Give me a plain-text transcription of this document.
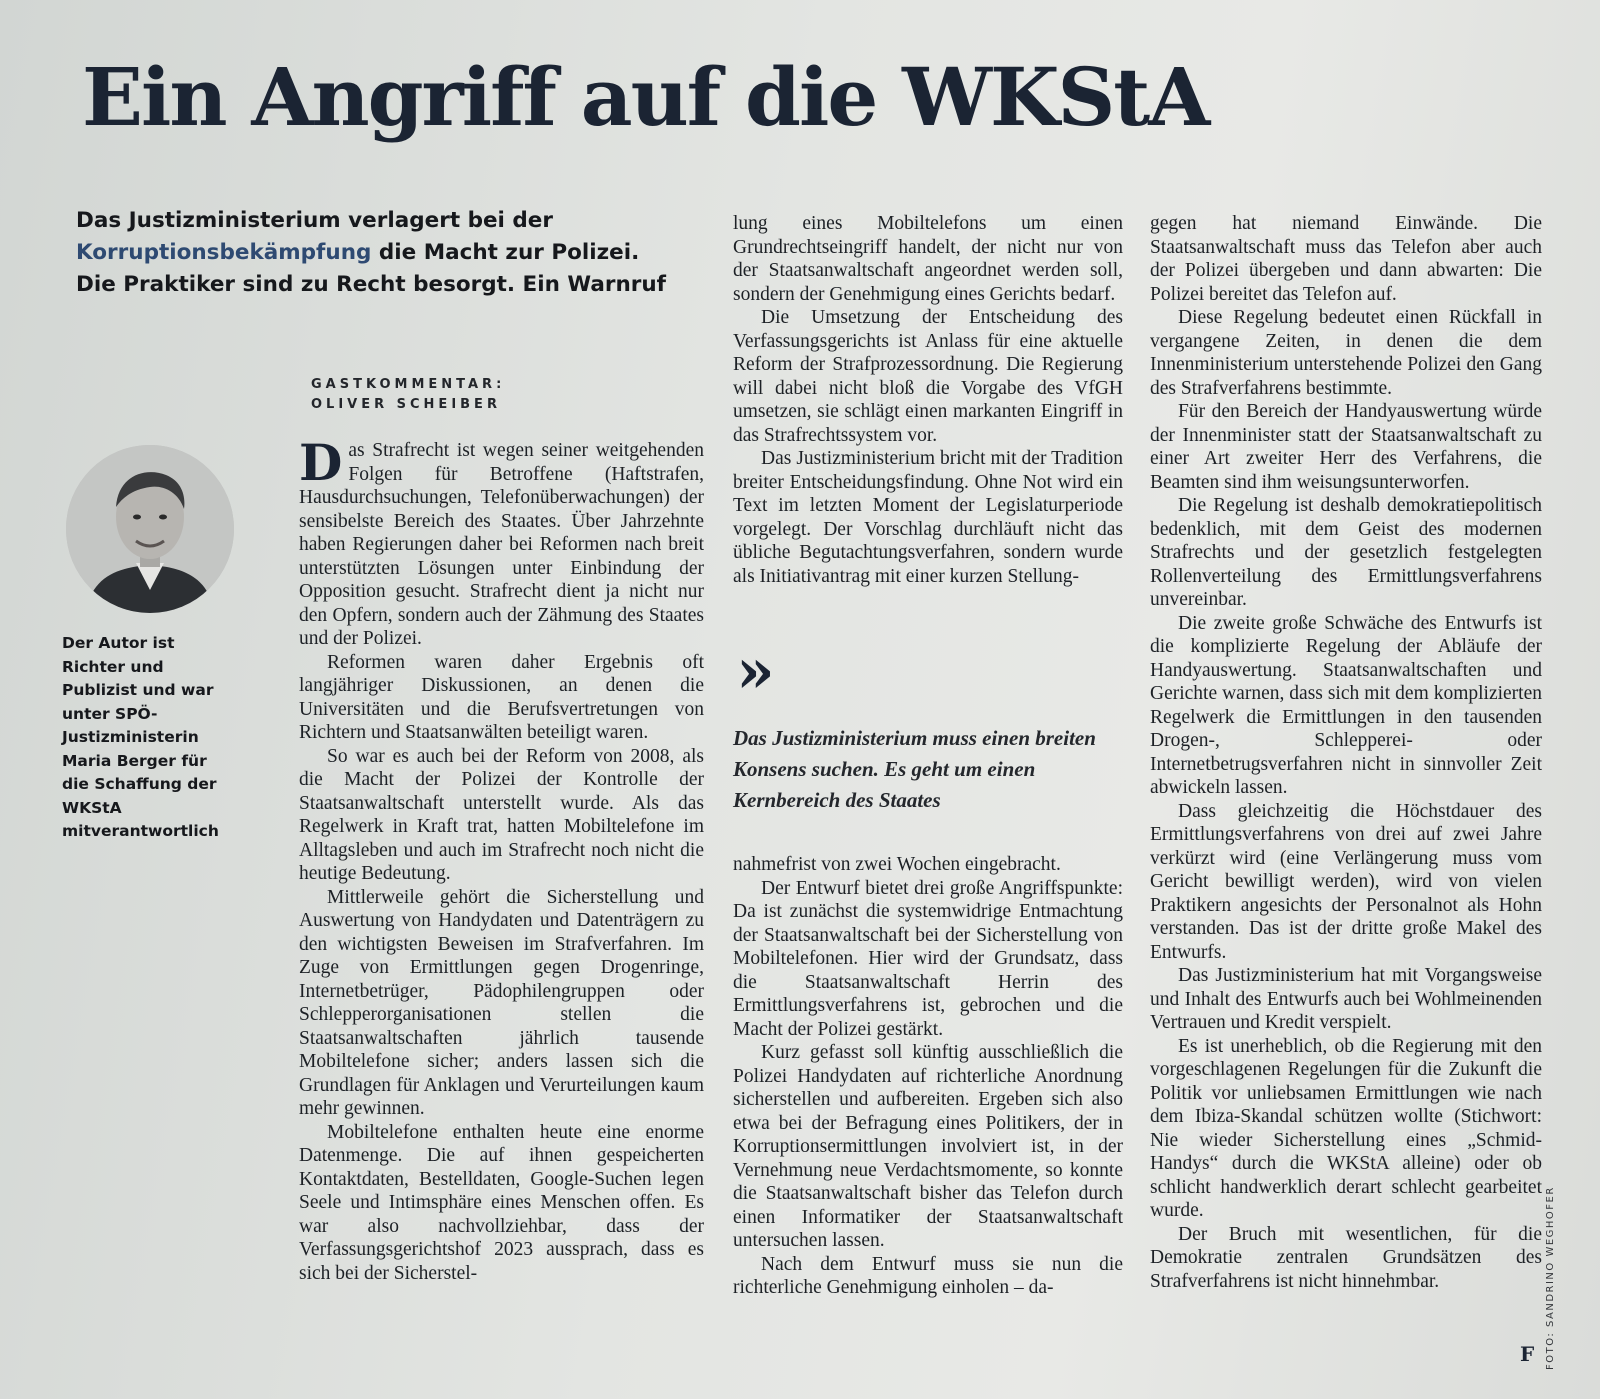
Ein Angriff auf die WKStA
Das Justizministerium verlagert bei der
Korruptionsbekämpfung die Macht zur Polizei.
Die Praktiker sind zu Recht besorgt. Ein Warnruf
GASTKOMMENTAR:
OLIVER SCHEIBER
Der Autor ist Richter und Publizist und war unter SPÖ-Justizministerin Maria Berger für die Schaffung der WKStA mitverantwortlich

Das Strafrecht ist wegen seiner weitgehenden Folgen für Betroffene (Haftstrafen, Hausdurchsuchungen, Telefonüberwachungen) der sensibelste Bereich des Staates. Über Jahrzehnte haben Regierungen daher bei Reformen nach breit unterstützten Lösungen unter Einbindung der Opposition gesucht. Strafrecht dient ja nicht nur den Opfern, sondern auch der Zähmung des Staates und der Polizei.

Reformen waren daher Ergebnis oft langjähriger Diskussionen, an denen die Universitäten und die Berufsvertretungen von Richtern und Staatsanwälten beteiligt waren.

So war es auch bei der Reform von 2008, als die Macht der Polizei der Kontrolle der Staatsanwaltschaft unterstellt wurde. Als das Regelwerk in Kraft trat, hatten Mobiltelefone im Alltagsleben und auch im Strafrecht noch nicht die heutige Bedeutung.

Mittlerweile gehört die Sicherstellung und Auswertung von Handydaten und Datenträgern zu den wichtigsten Beweisen im Strafverfahren. Im Zuge von Ermittlungen gegen Drogenringe, Internetbetrüger, Pädophilengruppen oder Schlepperorganisationen stellen die Staatsanwaltschaften jährlich tausende Mobiltelefone sicher; anders lassen sich die Grundlagen für Anklagen und Verurteilungen kaum mehr gewinnen.

Mobiltelefone enthalten heute eine enorme Datenmenge. Die auf ihnen gespeicherten Kontaktdaten, Bestelldaten, Google-Suchen legen Seele und Intimsphäre eines Menschen offen. Es war also nachvollziehbar, dass der Verfassungsgerichtshof 2023 aussprach, dass es sich bei der Sicherstel-

lung eines Mobiltelefons um einen Grundrechtseingriff handelt, der nicht nur von der Staatsanwaltschaft angeordnet werden soll, sondern der Genehmigung eines Gerichts bedarf.

Die Umsetzung der Entscheidung des Verfassungsgerichts ist Anlass für eine aktuelle Reform der Strafprozessordnung. Die Regierung will dabei nicht bloß die Vorgabe des VfGH umsetzen, sie schlägt einen markanten Eingriff in das Strafrechtssystem vor.

Das Justizministerium bricht mit der Tradition breiter Entscheidungsfindung. Ohne Not wird ein Text im letzten Moment der Legislaturperiode vorgelegt. Der Vorschlag durchläuft nicht das übliche Begutachtungsverfahren, sondern wurde als Initiativantrag mit einer kurzen Stellung-

»
Das Justizministerium muss einen breiten Konsens suchen. Es geht um einen Kernbereich des Staates

nahmefrist von zwei Wochen eingebracht.

Der Entwurf bietet drei große Angriffspunkte: Da ist zunächst die systemwidrige Entmachtung der Staatsanwaltschaft bei der Sicherstellung von Mobiltelefonen. Hier wird der Grundsatz, dass die Staatsanwaltschaft Herrin des Ermittlungsverfahrens ist, gebrochen und die Macht der Polizei gestärkt.

Kurz gefasst soll künftig ausschließlich die Polizei Handydaten auf richterliche Anordnung sicherstellen und aufbereiten. Ergeben sich also etwa bei der Befragung eines Politikers, der in Korruptionsermittlungen involviert ist, in der Vernehmung neue Verdachtsmomente, so konnte die Staatsanwaltschaft bisher das Telefon durch einen Informatiker der Staatsanwaltschaft untersuchen lassen.

Nach dem Entwurf muss sie nun die richterliche Genehmigung einholen – da-

gegen hat niemand Einwände. Die Staatsanwaltschaft muss das Telefon aber auch der Polizei übergeben und dann abwarten: Die Polizei bereitet das Telefon auf.

Diese Regelung bedeutet einen Rückfall in vergangene Zeiten, in denen die dem Innenministerium unterstehende Polizei den Gang des Strafverfahrens bestimmte.

Für den Bereich der Handyauswertung würde der Innenminister statt der Staatsanwaltschaft zu einer Art zweiter Herr des Verfahrens, die Beamten sind ihm weisungsunterworfen.

Die Regelung ist deshalb demokratiepolitisch bedenklich, mit dem Geist des modernen Strafrechts und der gesetzlich festgelegten Rollenverteilung des Ermittlungsverfahrens unvereinbar.

Die zweite große Schwäche des Entwurfs ist die komplizierte Regelung der Abläufe der Handyauswertung. Staatsanwaltschaften und Gerichte warnen, dass sich mit dem komplizierten Regelwerk die Ermittlungen in den tausenden Drogen-, Schlepperei- oder Internetbetrugsverfahren nicht in sinnvoller Zeit abwickeln lassen.

Dass gleichzeitig die Höchstdauer des Ermittlungsverfahrens von drei auf zwei Jahre verkürzt wird (eine Verlängerung muss vom Gericht bewilligt werden), wird von vielen Praktikern angesichts der Personalnot als Hohn verstanden. Das ist der dritte große Makel des Entwurfs.

Das Justizministerium hat mit Vorgangsweise und Inhalt des Entwurfs auch bei Wohlmeinenden Vertrauen und Kredit verspielt.

Es ist unerheblich, ob die Regierung mit den vorgeschlagenen Regelungen für die Zukunft die Politik vor unliebsamen Ermittlungen wie nach dem Ibiza-Skandal schützen wollte (Stichwort: Nie wieder Sicherstellung eines „Schmid-Handys“ durch die WKStA alleine) oder ob schlicht handwerklich derart schlecht gearbeitet wurde.

Der Bruch mit wesentlichen, für die Demokratie zentralen Grundsätzen des Strafverfahrens ist nicht hinnehmbar.

F FOTO: SANDRINO WEGHOFER
